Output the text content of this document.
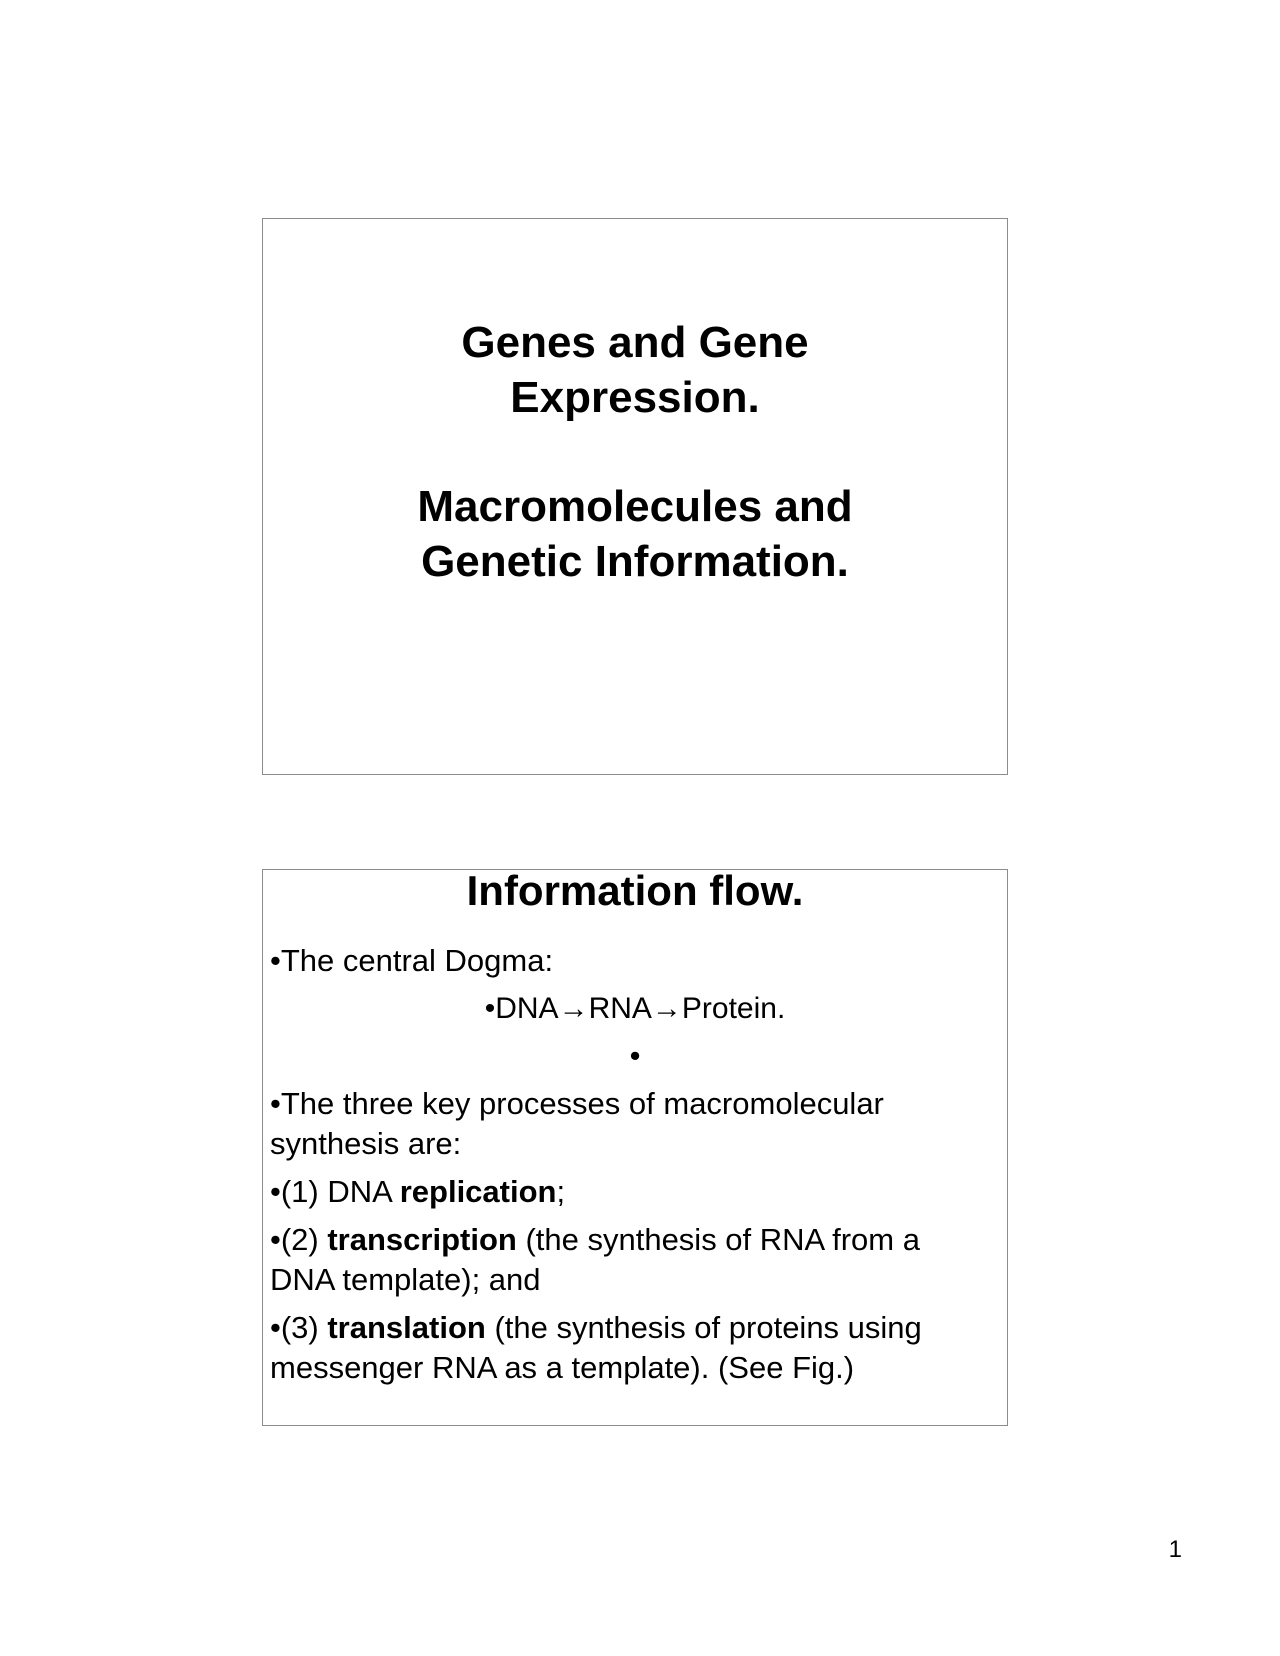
Genes and Gene
Expression.
Macromolecules and
Genetic Information.
Information flow.
•The central Dogma:
•DNA→RNA→Protein.
•
•The three key processes of macromolecular
synthesis are:
•(1) DNA replication;
•(2) transcription (the synthesis of RNA from a
DNA template); and
•(3) translation (the synthesis of proteins using
messenger RNA as a template). (See Fig.)
1
